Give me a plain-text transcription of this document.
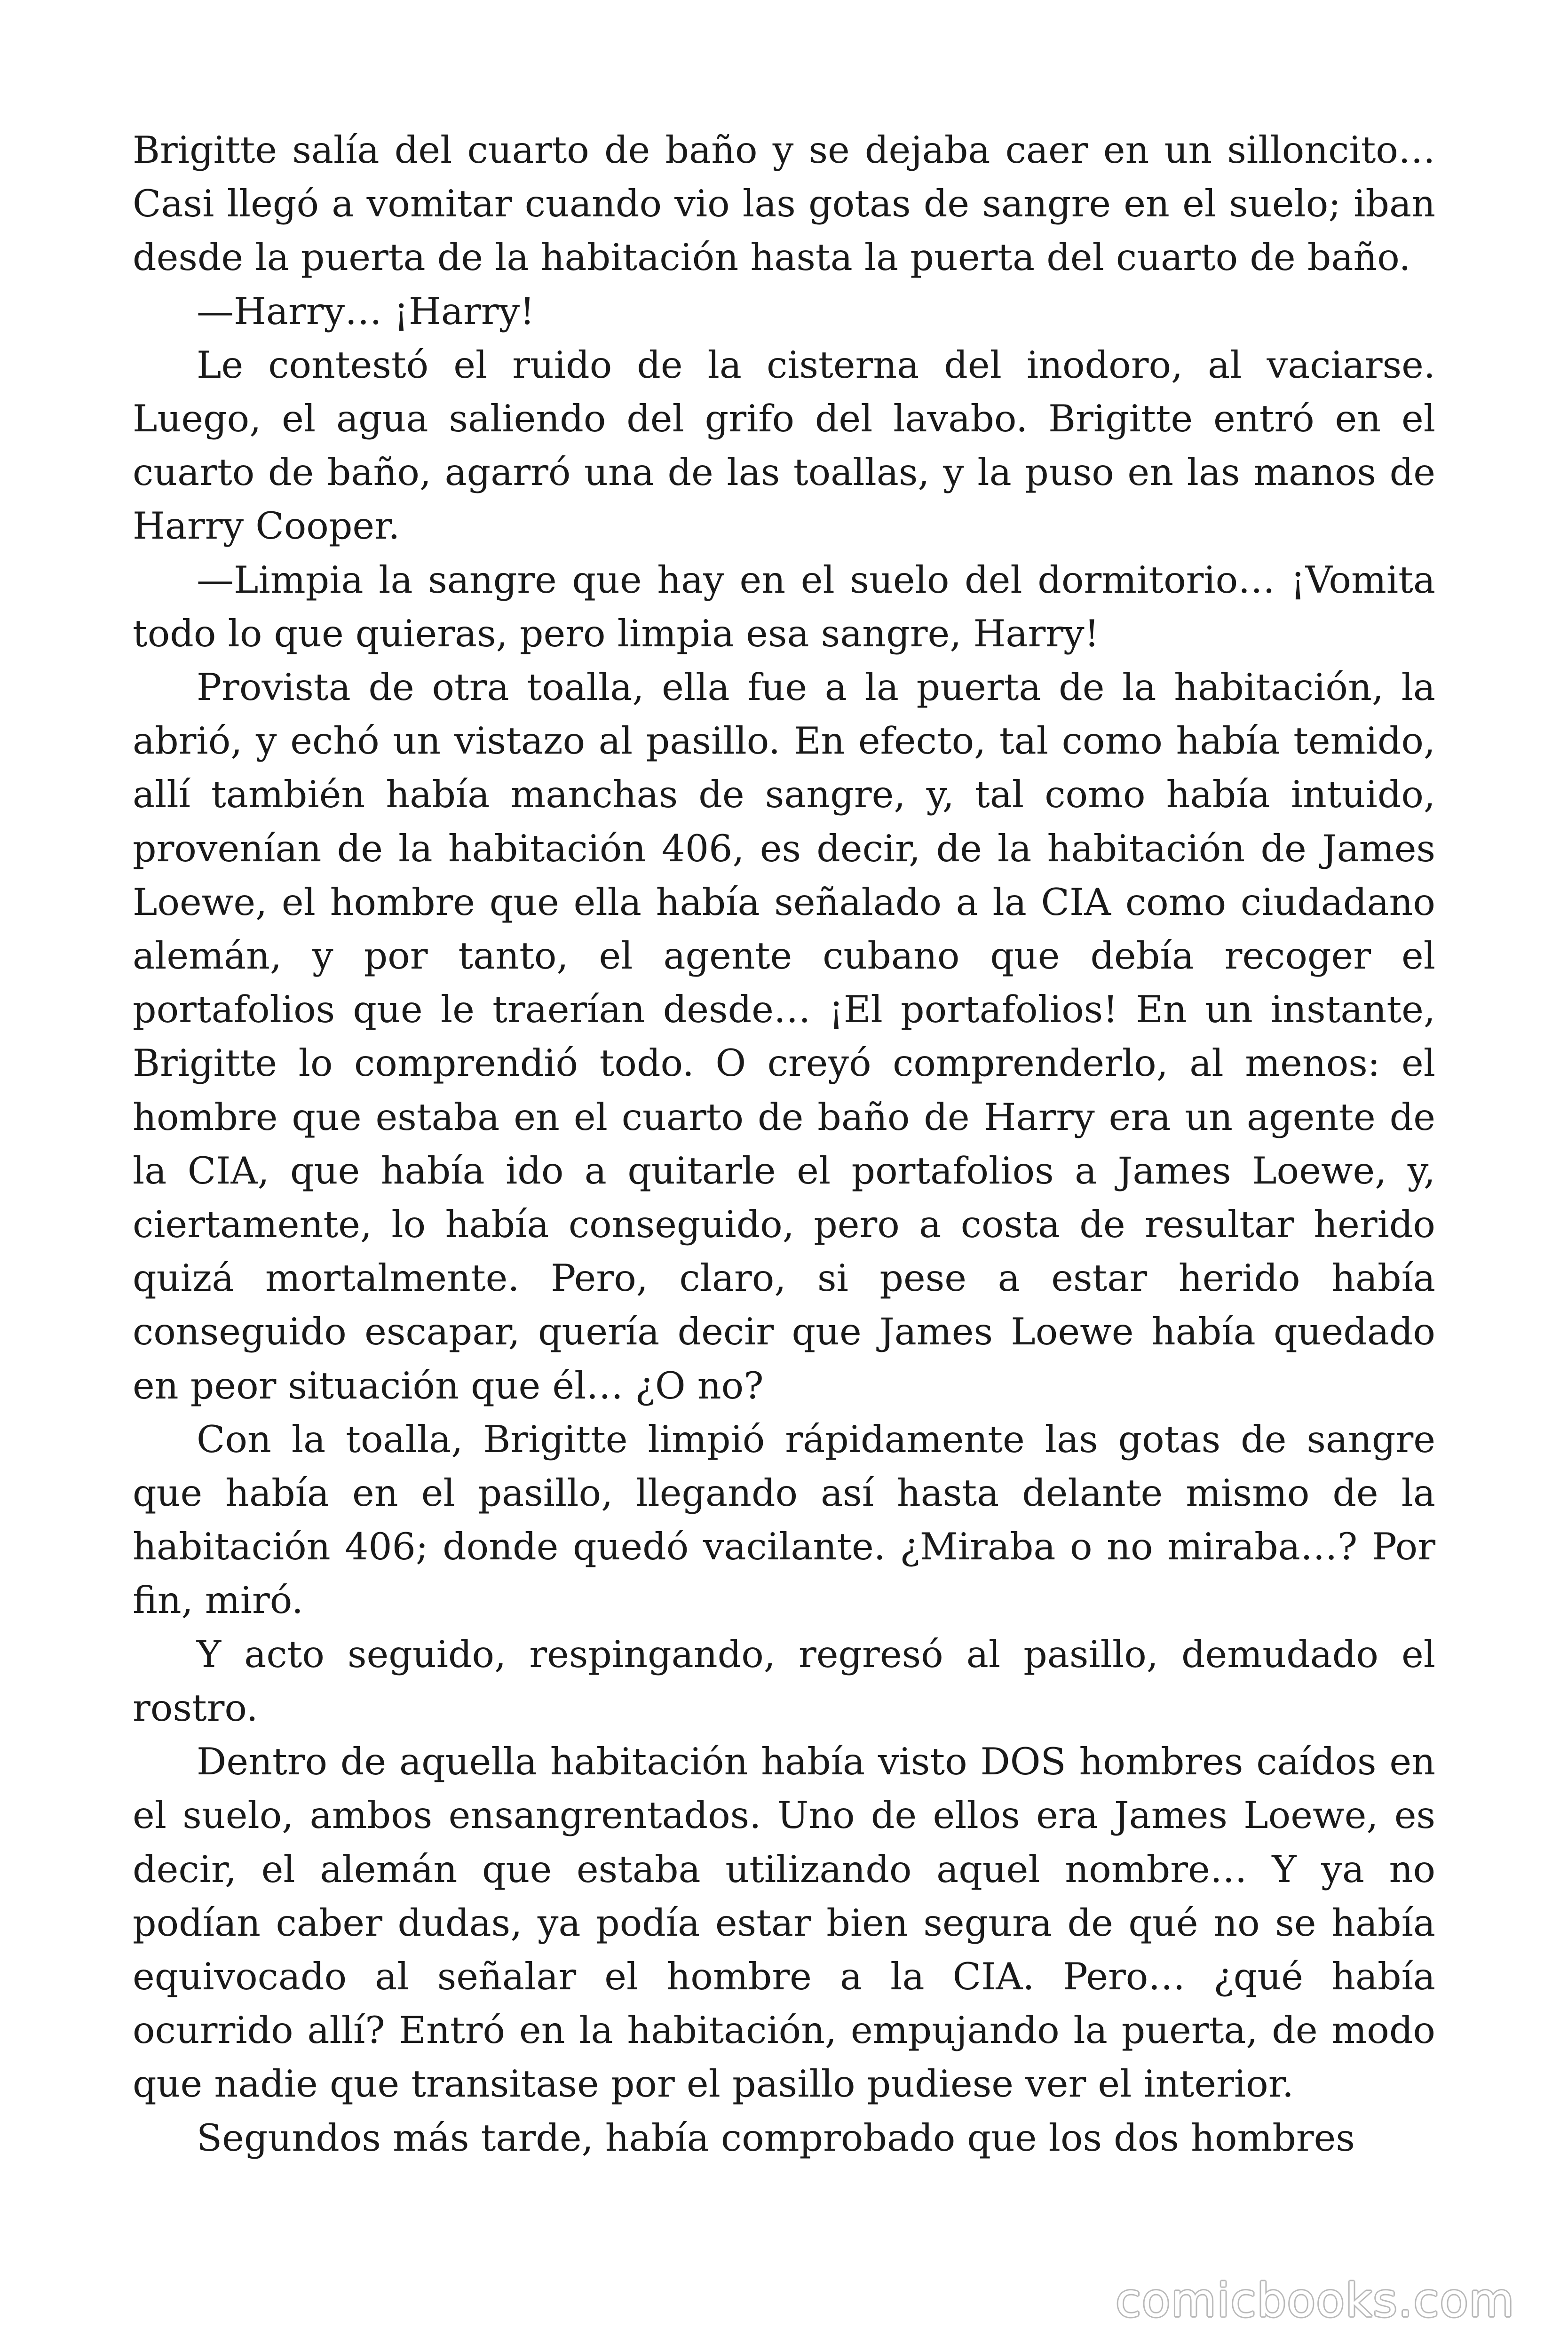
Brigitte salía del cuarto de baño y se dejaba caer en un silloncito… Casi llegó a vomitar cuando vio las gotas de sangre en el suelo; iban desde la puerta de la habitación hasta la puerta del cuarto de baño.

—Harry… ¡Harry!

Le contestó el ruido de la cisterna del inodoro, al vaciarse. Luego, el agua saliendo del grifo del lavabo. Brigitte entró en el cuarto de baño, agarró una de las toallas, y la puso en las manos de Harry Cooper.

—Limpia la sangre que hay en el suelo del dormitorio… ¡Vomita todo lo que quieras, pero limpia esa sangre, Harry!

Provista de otra toalla, ella fue a la puerta de la habitación, la abrió, y echó un vistazo al pasillo. En efecto, tal como había temido, allí también había manchas de sangre, y, tal como había intuido, provenían de la habitación 406, es decir, de la habitación de James Loewe, el hombre que ella había señalado a la CIA como ciudadano alemán, y por tanto, el agente cubano que debía recoger el portafolios que le traerían desde… ¡El portafolios! En un instante, Brigitte lo comprendió todo. O creyó comprenderlo, al menos: el hombre que estaba en el cuarto de baño de Harry era un agente de la CIA, que había ido a quitarle el portafolios a James Loewe, y, ciertamente, lo había conseguido, pero a costa de resultar herido quizá mortalmente. Pero, claro, si pese a estar herido había conseguido escapar, quería decir que James Loewe había quedado en peor situación que él… ¿O no?

Con la toalla, Brigitte limpió rápidamente las gotas de sangre que había en el pasillo, llegando así hasta delante mismo de la habitación 406; donde quedó vacilante. ¿Miraba o no miraba…? Por fin, miró.

Y acto seguido, respingando, regresó al pasillo, demudado el rostro.

Dentro de aquella habitación había visto DOS hombres caídos en el suelo, ambos ensangrentados. Uno de ellos era James Loewe, es decir, el alemán que estaba utilizando aquel nombre… Y ya no podían caber dudas, ya podía estar bien segura de qué no se había equivocado al señalar el hombre a la CIA. Pero… ¿qué había ocurrido allí? Entró en la habitación, empujando la puerta, de modo que nadie que transitase por el pasillo pudiese ver el interior.

Segundos más tarde, había comprobado que los dos hombres

comicbooks.com
